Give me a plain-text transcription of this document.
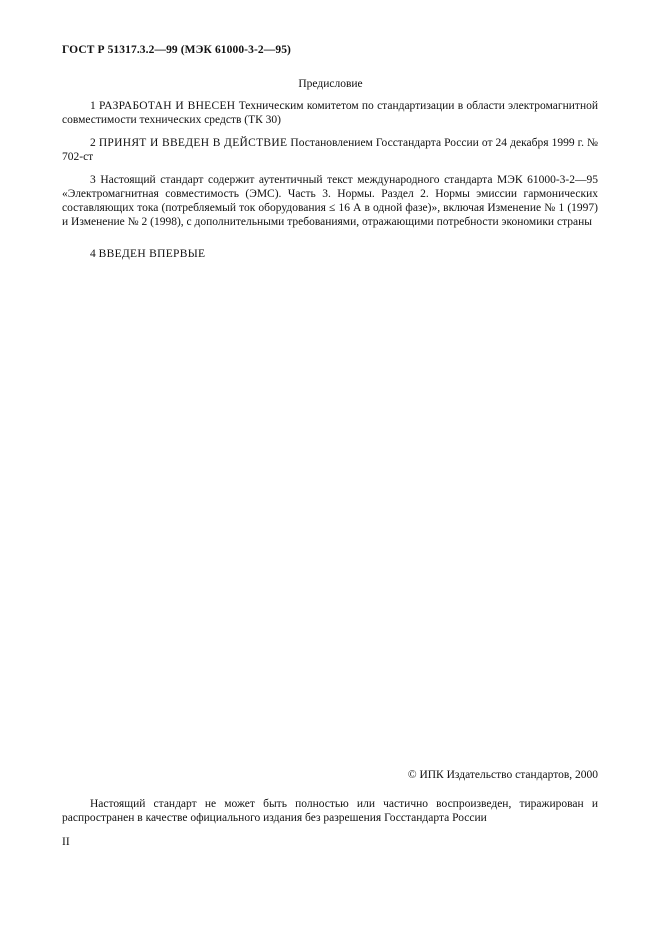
ГОСТ Р 51317.3.2—99 (МЭК 61000-3-2—95)
Предисловие
1 РАЗРАБОТАН И ВНЕСЕН Техническим комитетом по стандартизации в области электромагнитной совместимости технических средств (ТК 30)
2 ПРИНЯТ И ВВЕДЕН В ДЕЙСТВИЕ Постановлением Госстандарта России от 24 декабря 1999 г. № 702-ст
3 Настоящий стандарт содержит аутентичный текст международного стандарта МЭК 61000-3-2—95 «Электромагнитная совместимость (ЭМС). Часть 3. Нормы. Раздел 2. Нормы эмиссии гармонических составляющих тока (потребляемый ток оборудования ≤ 16 А в одной фазе)», включая Изменение № 1 (1997) и Изменение № 2 (1998), с дополнительными требованиями, отражающими потребности экономики страны
4 ВВЕДЕН ВПЕРВЫЕ
© ИПК Издательство стандартов, 2000
Настоящий стандарт не может быть полностью или частично воспроизведен, тиражирован и распространен в качестве официального издания без разрешения Госстандарта России
II
